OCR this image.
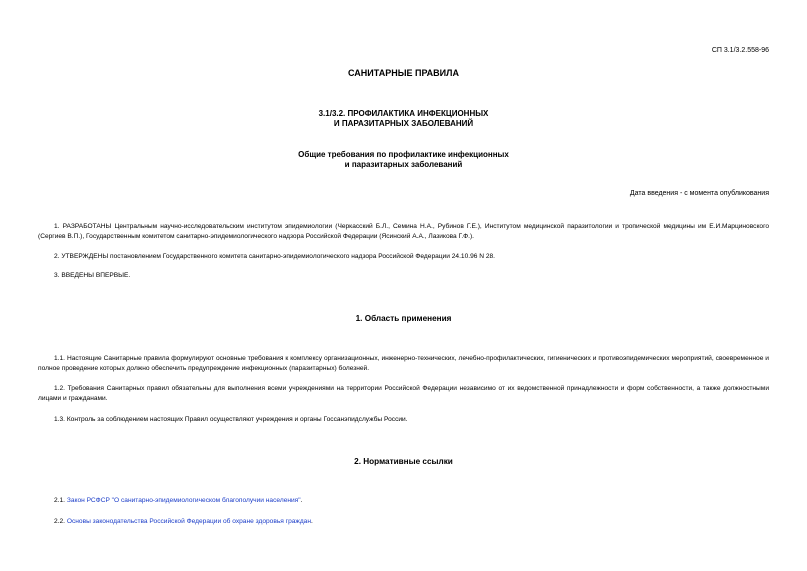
СП 3.1/3.2.558-96
САНИТАРНЫЕ ПРАВИЛА
3.1/3.2. ПРОФИЛАКТИКА ИНФЕКЦИОННЫХ
И ПАРАЗИТАРНЫХ ЗАБОЛЕВАНИЙ
Общие требования по профилактике инфекционных
и паразитарных заболеваний
Дата введения - с момента опубликования
1. РАЗРАБОТАНЫ Центральным научно-исследовательским институтом эпидемиологии (Черкасский Б.Л., Семина Н.А., Рубинов Г.Е.), Институтом медицинской паразитологии и тропической медицины им Е.И.Марциновского (Сергиев В.П.), Государственным комитетом санитарно-эпидемиологического надзора Российской Федерации (Ясинский А.А., Лазикова Г.Ф.).
2. УТВЕРЖДЕНЫ постановлением Государственного комитета санитарно-эпидемиологического надзора Российской Федерации 24.10.96 N 28.
3. ВВЕДЕНЫ ВПЕРВЫЕ.
1. Область применения
1.1. Настоящие Санитарные правила формулируют основные требования к комплексу организационных, инженерно-технических, лечебно-профилактических, гигиенических и противоэпидемических мероприятий, своевременное и полное проведение которых должно обеспечить предупреждение инфекционных (паразитарных) болезней.
1.2. Требования Санитарных правил обязательны для выполнения всеми учреждениями на территории Российской Федерации независимо от их ведомственной принадлежности и форм собственности, а также должностными лицами и гражданами.
1.3. Контроль за соблюдением настоящих Правил осуществляют учреждения и органы Госсанэпидслужбы России.
2. Нормативные ссылки
2.1. Закон РСФСР "О санитарно-эпидемиологическом благополучии населения".
2.2. Основы законодательства Российской Федерации об охране здоровья граждан.
